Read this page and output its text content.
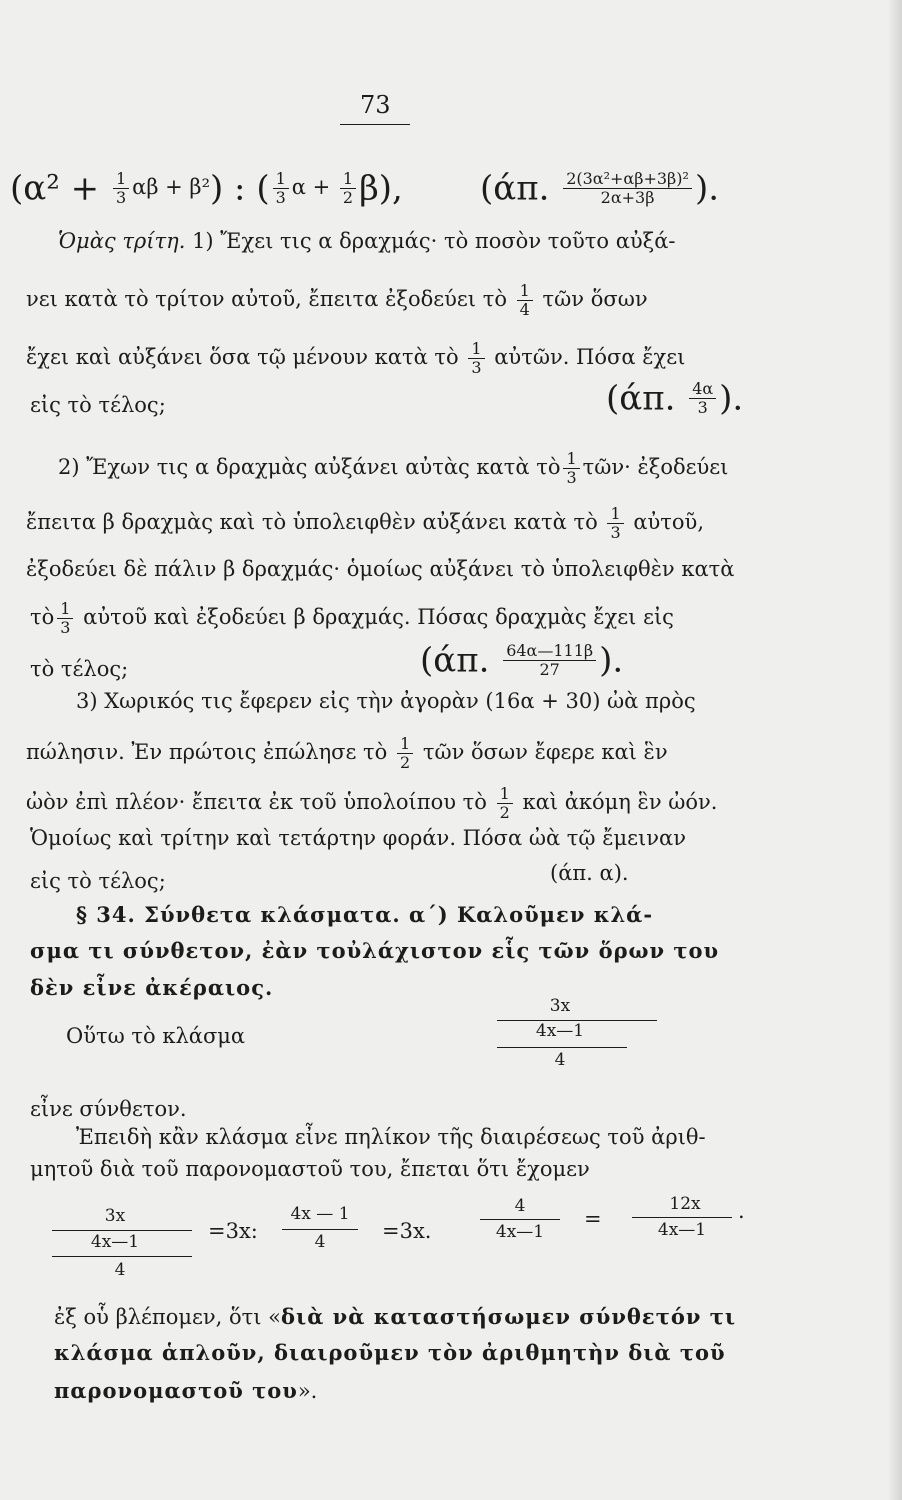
73
($\alpha^2 + \frac{1}{3}$ αβ + β²) : ( $\frac{1}{3}$ $\alpha + \frac{1}{2} \beta$), (άπ. $\frac{\text{2(3α²+αβ+3β)²}}{2\alpha+3\beta}$ ).
Ὁμὰς τρίτη. 1) Ἔχει τις α δραχμάς· τὸ ποσὸν τοῦτο αὐξά-
νει κατὰ τὸ τρίτον αὐτοῦ, ἔπειτα ἐξοδεύει τὸ $\frac{1}{4}$ τῶν ὅσων
ἔχει καὶ αὐξάνει ὅσα τῷ μένουν κατὰ τὸ $\frac{1}{3}$ αὐτῶν. Πόσα ἔχει
εἰς τὸ τέλος;	(άπ. $\frac{4\alpha}{3}$ ).
2) Ἔχων τις α δραχμὰς αὐξάνει αὐτὰς κατὰ τὸ $\frac{1}{3}$ τῶν· ἐξοδεύει
ἔπειτα β δραχμὰς καὶ τὸ ὑπολειφθὲν αὐξάνει κατὰ τὸ $\frac{1}{3}$ αὐτοῦ,
ἐξοδεύει δὲ πάλιν β δραχμάς· ὁμοίως αὐξάνει τὸ ὑπολειφθὲν κατὰ
τὸ $\frac{1}{3}$ αὐτοῦ καὶ ἐξοδεύει β δραχμάς. Πόσας δραχμὰς ἔχει εἰς
τὸ τέλος;	(άπ. $\frac{64\alpha—111\beta}{27}$ ).
3) Χωρικός τις ἔφερεν εἰς τὴν ἀγορὰν (16α + 30) ὠὰ πρὸς
πώλησιν. Ἐν πρώτοις ἐπώλησε τὸ $\frac{1}{2}$ τῶν ὅσων ἔφερε καὶ ἓν
ὠὸν ἐπὶ πλέον· ἔπειτα ἐκ τοῦ ὑπολοίπου τὸ $\frac{1}{2}$ καὶ ἀκόμη ἓν ὠόν.
Ὁμοίως καὶ τρίτην καὶ τετάρτην φοράν. Πόσα ὠὰ τῷ ἔμειναν
εἰς τὸ τέλος;	(άπ. α).
§ 34. Σύνθετα κλάσματα. α΄) Καλοῦμεν κλά-
σμα τι σύνθετον, ἐὰν τοὐλάχιστον εἷς τῶν ὅρων του
δὲν εἶνε ἀκέραιος.
Οὕτω τὸ κλάσμα
3x
4x—1
4
εἶνε σύνθετον.
Ἐπειδὴ κἂν κλάσμα εἶνε πηλίκον τῆς διαιρέσεως τοῦ ἀριθ-
μητοῦ διὰ τοῦ παρονομαστοῦ του, ἔπεται ὅτι ἔχομεν
3x
4x—1
4
=3x:
4x — 1
4	=3x.
4
4x—1
=
12x
4x—1
.
ἐξ οὗ βλέπομεν, ὅτι «διὰ νὰ καταστήσωμεν σύνθετόν τι
κλάσμα ἁπλοῦν, διαιροῦμεν τὸν ἀριθμητὴν διὰ τοῦ
παρονομαστοῦ του».
